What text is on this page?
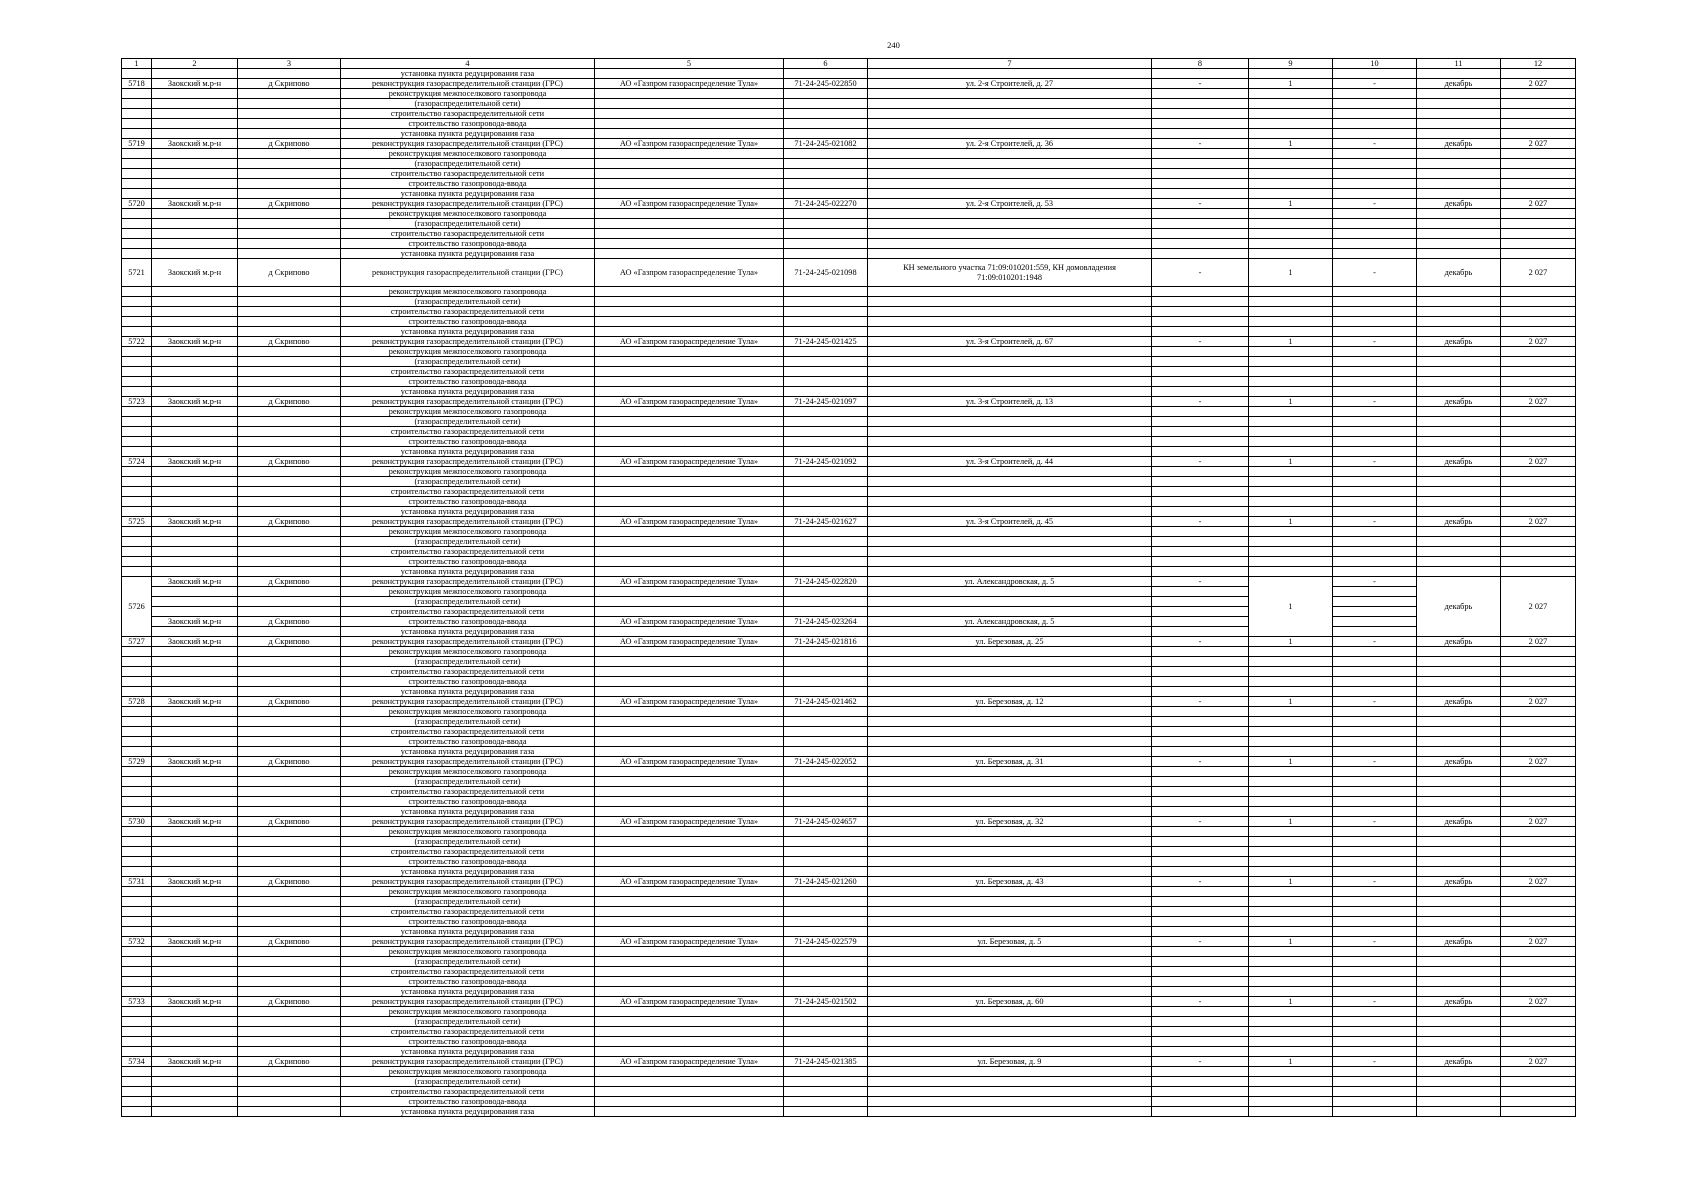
240
1	2	3	4	5	6	7	8	9	10	11	12
			установка пункта редуцирования газа								
5718	Заокский м.р-н	д Скрипово	реконструкция газораспределительной станции (ГРС)	АО «Газпром газораспределение Тула»	71-24-245-022850	ул. 2-я Строителей, д. 27	-	1	-	декабрь	2 027
			реконструкция межпоселкового газопровода								
			(газораспределительной сети)								
			строительство газораспределительной сети								
			строительство газопровода-ввода								
			установка пункта редуцирования газа								
5719	Заокский м.р-н	д Скрипово	реконструкция газораспределительной станции (ГРС)	АО «Газпром газораспределение Тула»	71-24-245-021082	ул. 2-я Строителей, д. 36	-	1	-	декабрь	2 027
			реконструкция межпоселкового газопровода								
			(газораспределительной сети)								
			строительство газораспределительной сети								
			строительство газопровода-ввода								
			установка пункта редуцирования газа								
5720	Заокский м.р-н	д Скрипово	реконструкция газораспределительной станции (ГРС)	АО «Газпром газораспределение Тула»	71-24-245-022270	ул. 2-я Строителей, д. 53	-	1	-	декабрь	2 027
			реконструкция межпоселкового газопровода								
			(газораспределительной сети)								
			строительство газораспределительной сети								
			строительство газопровода-ввода								
			установка пункта редуцирования газа								
5721	Заокский м.р-н	д Скрипово	реконструкция газораспределительной станции (ГРС)	АО «Газпром газораспределение Тула»	71-24-245-021098	КН земельного участка 71:09:010201:559, КН домовладения 71:09:010201:1948	-	1	-	декабрь	2 027
			реконструкция межпоселкового газопровода								
			(газораспределительной сети)								
			строительство газораспределительной сети								
			строительство газопровода-ввода								
			установка пункта редуцирования газа								
5722	Заокский м.р-н	д Скрипово	реконструкция газораспределительной станции (ГРС)	АО «Газпром газораспределение Тула»	71-24-245-021425	ул. 3-я Строителей, д. 67	-	1	-	декабрь	2 027
			реконструкция межпоселкового газопровода								
			(газораспределительной сети)								
			строительство газораспределительной сети								
			строительство газопровода-ввода								
			установка пункта редуцирования газа								
5723	Заокский м.р-н	д Скрипово	реконструкция газораспределительной станции (ГРС)	АО «Газпром газораспределение Тула»	71-24-245-021097	ул. 3-я Строителей, д. 13	-	1	-	декабрь	2 027
			реконструкция межпоселкового газопровода								
			(газораспределительной сети)								
			строительство газораспределительной сети								
			строительство газопровода-ввода								
			установка пункта редуцирования газа								
5724	Заокский м.р-н	д Скрипово	реконструкция газораспределительной станции (ГРС)	АО «Газпром газораспределение Тула»	71-24-245-021092	ул. 3-я Строителей, д. 44	-	1	-	декабрь	2 027
			реконструкция межпоселкового газопровода								
			(газораспределительной сети)								
			строительство газораспределительной сети								
			строительство газопровода-ввода								
			установка пункта редуцирования газа								
5725	Заокский м.р-н	д Скрипово	реконструкция газораспределительной станции (ГРС)	АО «Газпром газораспределение Тула»	71-24-245-021627	ул. 3-я Строителей, д. 45	-	1	-	декабрь	2 027
			реконструкция межпоселкового газопровода								
			(газораспределительной сети)								
			строительство газораспределительной сети								
			строительство газопровода-ввода								
			установка пункта редуцирования газа								
5726	Заокский м.р-н	д Скрипово	реконструкция газораспределительной станции (ГРС)	АО «Газпром газораспределение Тула»	71-24-245-022820	ул. Александровская, д. 5	-	1	-	декабрь	2 027
			реконструкция межпоселкового газопровода								
			(газораспределительной сети)								
			строительство газораспределительной сети								
	Заокский м.р-н	д Скрипово	строительство газопровода-ввода	АО «Газпром газораспределение Тула»	71-24-245-023264	ул. Александровская, д. 5					
			установка пункта редуцирования газа								
5727	Заокский м.р-н	д Скрипово	реконструкция газораспределительной станции (ГРС)	АО «Газпром газораспределение Тула»	71-24-245-021816	ул. Березовая, д. 25	-	1	-	декабрь	2 027
			реконструкция межпоселкового газопровода								
			(газораспределительной сети)								
			строительство газораспределительной сети								
			строительство газопровода-ввода								
			установка пункта редуцирования газа								
5728	Заокский м.р-н	д Скрипово	реконструкция газораспределительной станции (ГРС)	АО «Газпром газораспределение Тула»	71-24-245-021462	ул. Березовая, д. 12	-	1	-	декабрь	2 027
			реконструкция межпоселкового газопровода								
			(газораспределительной сети)								
			строительство газораспределительной сети								
			строительство газопровода-ввода								
			установка пункта редуцирования газа								
5729	Заокский м.р-н	д Скрипово	реконструкция газораспределительной станции (ГРС)	АО «Газпром газораспределение Тула»	71-24-245-022052	ул. Березовая, д. 31	-	1	-	декабрь	2 027
			реконструкция межпоселкового газопровода								
			(газораспределительной сети)								
			строительство газораспределительной сети								
			строительство газопровода-ввода								
			установка пункта редуцирования газа								
5730	Заокский м.р-н	д Скрипово	реконструкция газораспределительной станции (ГРС)	АО «Газпром газораспределение Тула»	71-24-245-024657	ул. Березовая, д. 32	-	1	-	декабрь	2 027
			реконструкция межпоселкового газопровода								
			(газораспределительной сети)								
			строительство газораспределительной сети								
			строительство газопровода-ввода								
			установка пункта редуцирования газа								
5731	Заокский м.р-н	д Скрипово	реконструкция газораспределительной станции (ГРС)	АО «Газпром газораспределение Тула»	71-24-245-021260	ул. Березовая, д. 43	-	1	-	декабрь	2 027
			реконструкция межпоселкового газопровода								
			(газораспределительной сети)								
			строительство газораспределительной сети								
			строительство газопровода-ввода								
			установка пункта редуцирования газа								
5732	Заокский м.р-н	д Скрипово	реконструкция газораспределительной станции (ГРС)	АО «Газпром газораспределение Тула»	71-24-245-022579	ул. Березовая, д. 5	-	1	-	декабрь	2 027
			реконструкция межпоселкового газопровода								
			(газораспределительной сети)								
			строительство газораспределительной сети								
			строительство газопровода-ввода								
			установка пункта редуцирования газа								
5733	Заокский м.р-н	д Скрипово	реконструкция газораспределительной станции (ГРС)	АО «Газпром газораспределение Тула»	71-24-245-021502	ул. Березовая, д. 60	-	1	-	декабрь	2 027
			реконструкция межпоселкового газопровода								
			(газораспределительной сети)								
			строительство газораспределительной сети								
			строительство газопровода-ввода								
			установка пункта редуцирования газа								
5734	Заокский м.р-н	д Скрипово	реконструкция газораспределительной станции (ГРС)	АО «Газпром газораспределение Тула»	71-24-245-021385	ул. Березовая, д. 9	-	1	-	декабрь	2 027
			реконструкция межпоселкового газопровода								
			(газораспределительной сети)								
			строительство газораспределительной сети								
			строительство газопровода-ввода								
			установка пункта редуцирования газа								
